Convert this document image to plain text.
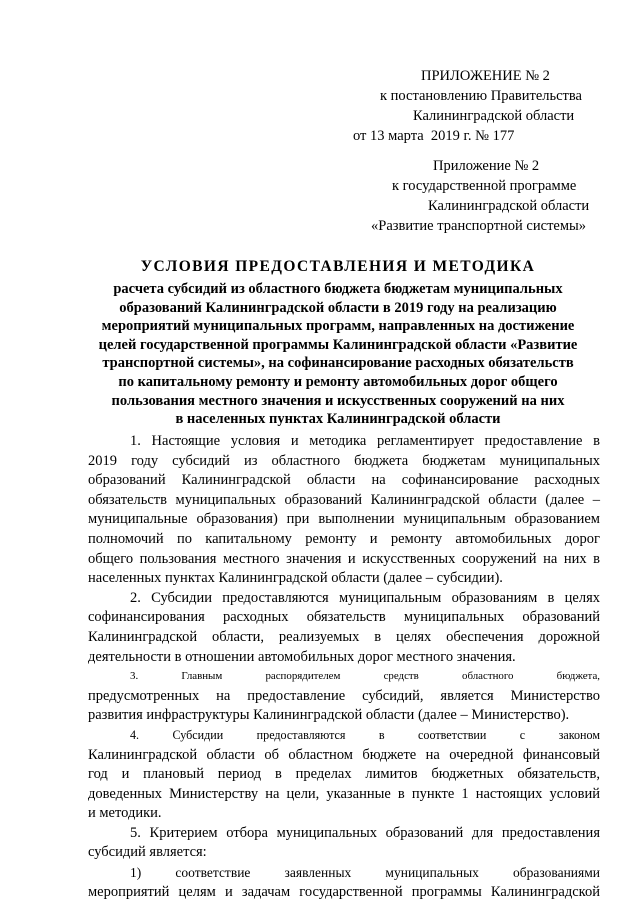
ПРИЛОЖЕНИЕ № 2
к постановлению Правительства
Калининградской области
от 13 марта  2019 г. № 177
Приложение № 2
к государственной программе
Калининградской области
«Развитие транспортной системы»

УСЛОВИЯ ПРЕДОСТАВЛЕНИЯ И МЕТОДИКА

расчета субсидий из областного бюджета бюджетам муниципальных
образований Калининградской области в 2019 году на реализацию
мероприятий муниципальных программ, направленных на достижение
целей государственной программы Калининградской области «Развитие
транспортной системы», на софинансирование расходных обязательств
по капитальному ремонту и ремонту автомобильных дорог общего
пользования местного значения и искусственных сооружений на них
в населенных пунктах Калининградской области

1. Настоящие условия и методика регламентирует предоставление в
2019 году субсидий из областного бюджета бюджетам муниципальных
образований Калининградской области на софинансирование расходных
обязательств муниципальных образований Калининградской области (далее –
муниципальные образования) при выполнении муниципальным образованием
полномочий по капитальному ремонту и ремонту автомобильных дорог
общего пользования местного значения и искусственных сооружений на них в
населенных пунктах Калининградской области (далее – субсидии).
2. Субсидии предоставляются муниципальным образованиям в целях
софинансирования расходных обязательств муниципальных образований
Калининградской области, реализуемых в целях обеспечения дорожной
деятельности в отношении автомобильных дорог местного значения.
3. Главным распорядителем средств областного бюджета,
предусмотренных на предоставление субсидий, является Министерство
развития инфраструктуры Калининградской области (далее – Министерство).
4. Субсидии предоставляются в соответствии с законом
Калининградской области об областном бюджете на очередной финансовый
год и плановый период в пределах лимитов бюджетных обязательств,
доведенных Министерству на цели, указанные в пункте 1 настоящих условий
и методики.
5. Критерием отбора муниципальных образований для предоставления
субсидий является:
1) соответствие заявленных муниципальных образованиями
мероприятий целям и задачам государственной программы Калининградской
